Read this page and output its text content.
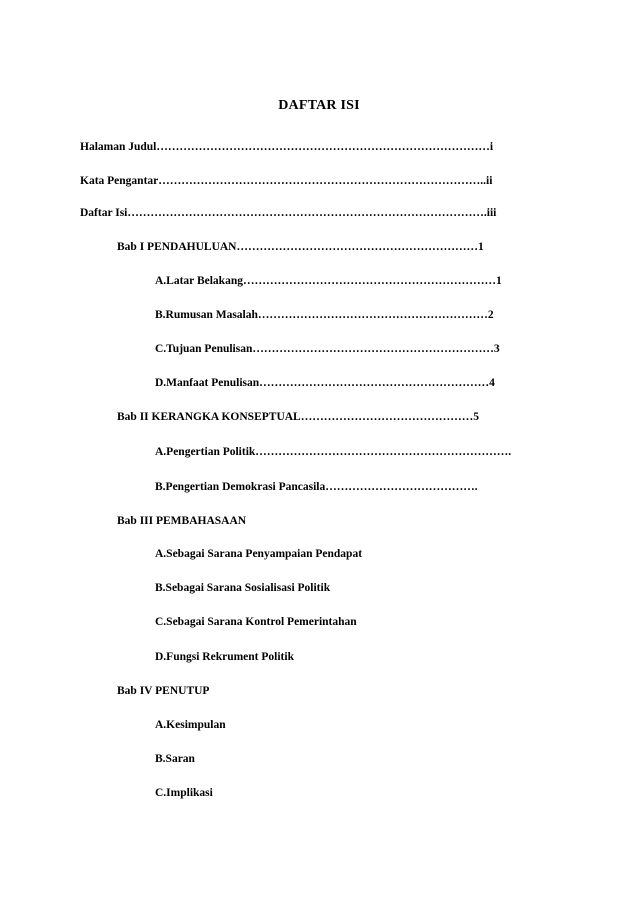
DAFTAR ISI
Halaman Judul……………………………………………………………………………i
Kata Pengantar…………………………………………………………………………..ii
Daftar Isi………………………………………………………………………………….iii
Bab I PENDAHULUAN………………………………………………………1
A.Latar Belakang…………………………………………………………1
B.Rumusan Masalah……………………………………………………2
C.Tujuan Penulisan………………………………………………………3
D.Manfaat Penulisan……………………………………………………4
Bab II KERANGKA KONSEPTUAL………………………………………5
A.Pengertian Politik………………………………………………………….
B.Pengertian Demokrasi Pancasila………………………………….
Bab III PEMBAHASAAN
A.Sebagai Sarana Penyampaian Pendapat
B.Sebagai Sarana Sosialisasi Politik
C.Sebagai Sarana Kontrol Pemerintahan
D.Fungsi Rekrument Politik
Bab IV PENUTUP
A.Kesimpulan
B.Saran
C.Implikasi
